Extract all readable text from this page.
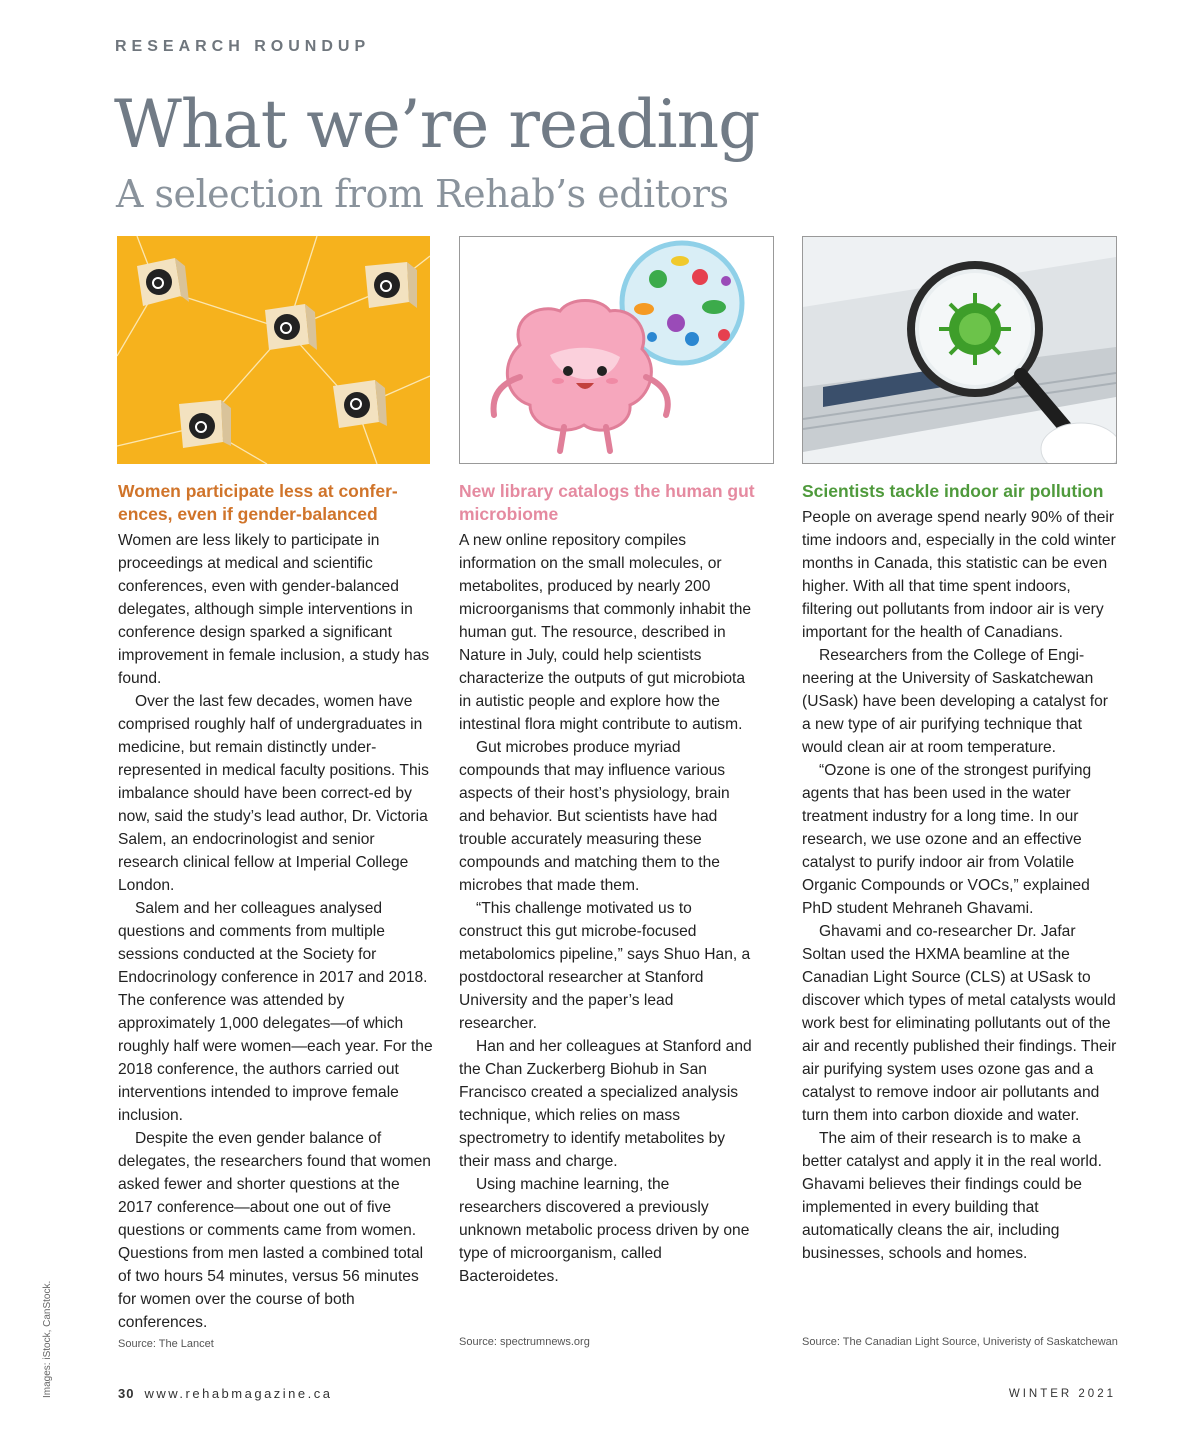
RESEARCH ROUNDUP
What we’re reading
A selection from Rehab’s editors
Women participate less at confer-ences, even if gender-balanced

Women are less likely to participate in proceedings at medical and scientific conferences, even with gender-balanced delegates, although simple interventions in conference design sparked a significant improvement in female inclusion, a study has found.

Over the last few decades, women have comprised roughly half of undergraduates in medicine, but remain distinctly under-represented in medical faculty positions. This imbalance should have been correct-ed by now, said the study’s lead author, Dr. Victoria Salem, an endocrinologist and senior research clinical fellow at Imperial College London.

Salem and her colleagues analysed questions and comments from multiple sessions conducted at the Society for Endocrinology conference in 2017 and 2018. The conference was attended by approximately 1,000 delegates—of which roughly half were women—each year. For the 2018 conference, the authors carried out interventions intended to improve female inclusion.

Despite the even gender balance of delegates, the researchers found that women asked fewer and shorter questions at the 2017 conference—about one out of five questions or comments came from women. Questions from men lasted a combined total of two hours 54 minutes, versus 56 minutes for women over the course of both conferences.

Source: The Lancet
New library catalogs the human gut microbiome

A new online repository compiles information on the small molecules, or metabolites, produced by nearly 200 microorganisms that commonly inhabit the human gut. The resource, described in Nature in July, could help scientists characterize the outputs of gut microbiota in autistic people and explore how the intestinal flora might contribute to autism.

Gut microbes produce myriad compounds that may influence various aspects of their host’s physiology, brain and behavior. But scientists have had trouble accurately measuring these compounds and matching them to the microbes that made them.

“This challenge motivated us to construct this gut microbe-focused metabolomics pipeline,” says Shuo Han, a postdoctoral researcher at Stanford University and the paper’s lead researcher.

Han and her colleagues at Stanford and the Chan Zuckerberg Biohub in San Francisco created a specialized analysis technique, which relies on mass spectrometry to identify metabolites by their mass and charge.

Using machine learning, the researchers discovered a previously unknown metabolic process driven by one type of microorganism, called Bacteroidetes.

Source: spectrumnews.org
Scientists tackle indoor air pollution

People on average spend nearly 90% of their time indoors and, especially in the cold winter months in Canada, this statistic can be even higher. With all that time spent indoors, filtering out pollutants from indoor air is very important for the health of Canadians.

Researchers from the College of Engi-neering at the University of Saskatchewan (USask) have been developing a catalyst for a new type of air purifying technique that would clean air at room temperature.

“Ozone is one of the strongest purifying agents that has been used in the water treatment industry for a long time. In our research, we use ozone and an effective catalyst to purify indoor air from Volatile Organic Compounds or VOCs,” explained PhD student Mehraneh Ghavami.

Ghavami and co-researcher Dr. Jafar Soltan used the HXMA beamline at the Canadian Light Source (CLS) at USask to discover which types of metal catalysts would work best for eliminating pollutants out of the air and recently published their findings. Their air purifying system uses ozone gas and a catalyst to remove indoor air pollutants and turn them into carbon dioxide and water.

The aim of their research is to make a better catalyst and apply it in the real world. Ghavami believes their findings could be implemented in every building that automatically cleans the air, including businesses, schools and homes.

Source: The Canadian Light Source, Univeristy of Saskatchewan
Images: iStock, CanStock.	30 www.rehabmagazine.ca	WINTER 2021
